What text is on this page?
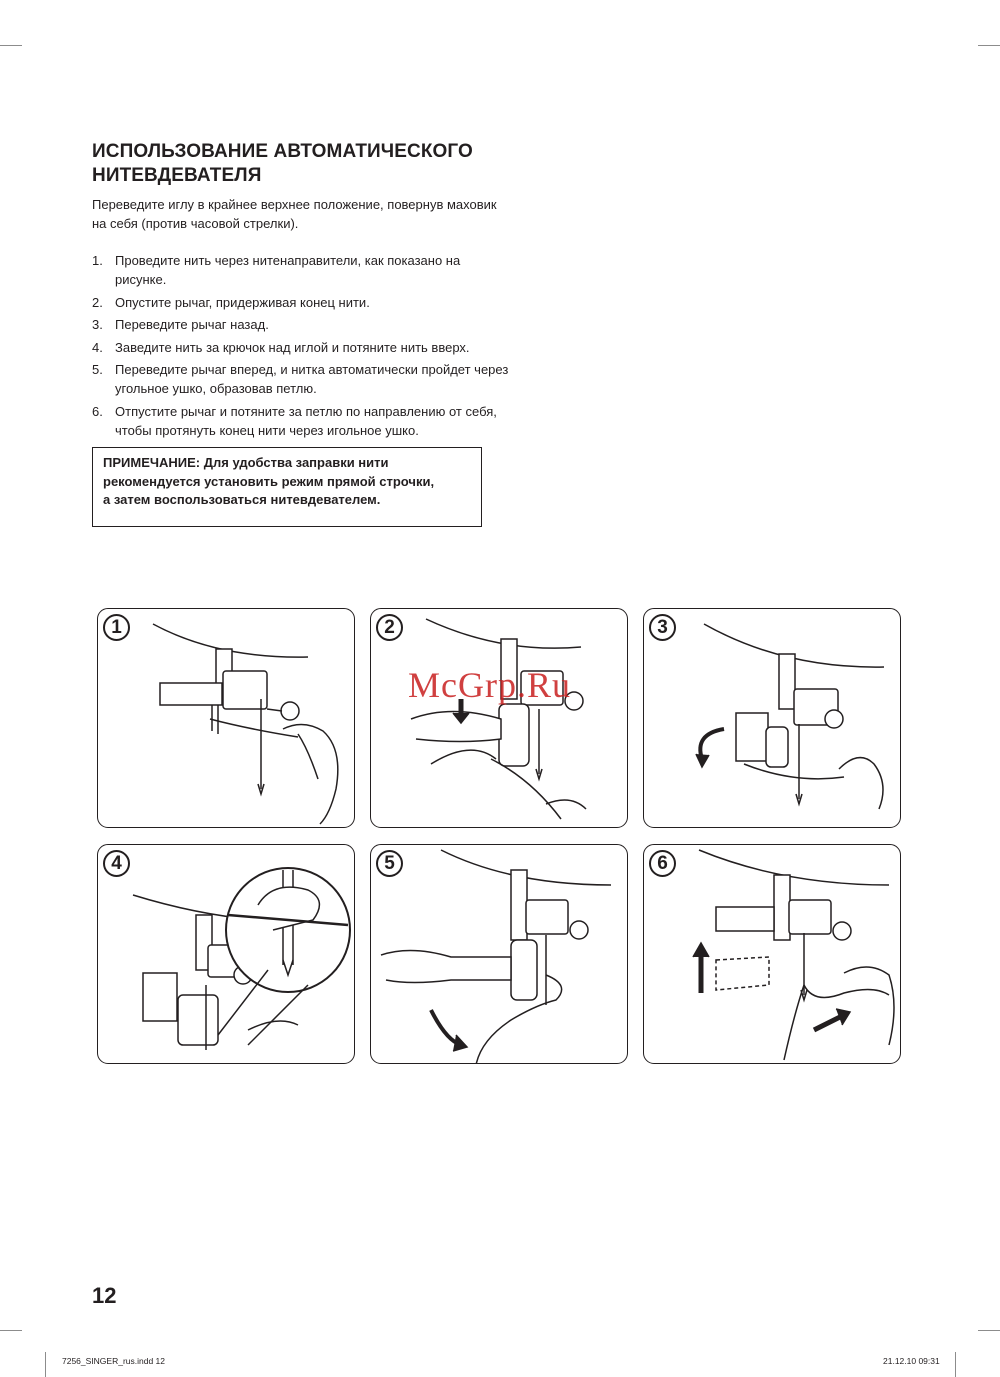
ИСПОЛЬЗОВАНИЕ АВТОМАТИЧЕСКОГО
НИТЕВДЕВАТЕЛЯ

Переведите иглу в крайнее верхнее положение, повернув маховик на себя (против часовой стрелки).

1. Проведите нить через нитенаправители, как показано на рисунке.
2. Опустите рычаг, придерживая конец нити.
3. Переведите рычаг назад.
4. Заведите нить за крючок над иглой и потяните нить вверх.
5. Переведите рычаг вперед, и нитка автоматически пройдет через угольное ушко, образовав петлю.
6. Отпустите рычаг и потяните за петлю по направлению от себя, чтобы протянуть конец нити через игольное ушко.
ПРИМЕЧАНИЕ: Для удобства заправки нити
рекомендуется установить режим прямой строчки,
а затем воспользоваться нитевдевателем.
1	2	3
4	5	6
McGrp.Ru
12
7256_SINGER_rus.indd 12	21.12.10 09:31
